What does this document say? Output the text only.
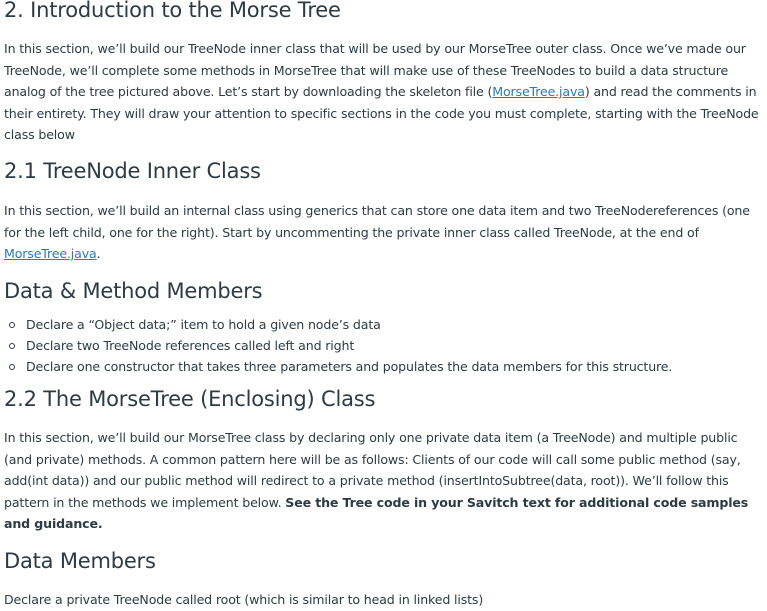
2. Introduction to the Morse Tree

In this section, we’ll build our TreeNode inner class that will be used by our MorseTree outer class. Once we’ve made our TreeNode, we’ll complete some methods in MorseTree that will make use of these TreeNodes to build a data structure analog of the tree pictured above. Let’s start by downloading the skeleton file (MorseTree.java) and read the comments in their entirety. They will draw your attention to specific sections in the code you must complete, starting with the TreeNode class below

2.1 TreeNode Inner Class

In this section, we’ll build an internal class using generics that can store one data item and two TreeNodereferences (one for the left child, one for the right). Start by uncommenting the private inner class called TreeNode, at the end of MorseTree.java.

Data & Method Members
Declare a “Object data;” item to hold a given node’s data
Declare two TreeNode references called left and right
Declare one constructor that takes three parameters and populates the data members for this structure.
2.2 The MorseTree (Enclosing) Class

In this section, we’ll build our MorseTree class by declaring only one private data item (a TreeNode) and multiple public (and private) methods. A common pattern here will be as follows: Clients of our code will call some public method (say, add(int data)) and our public method will redirect to a private method (insertIntoSubtree(data, root)). We’ll follow this pattern in the methods we implement below. See the Tree code in your Savitch text for additional code samples and guidance.

Data Members

Declare a private TreeNode called root (which is similar to head in linked lists)
